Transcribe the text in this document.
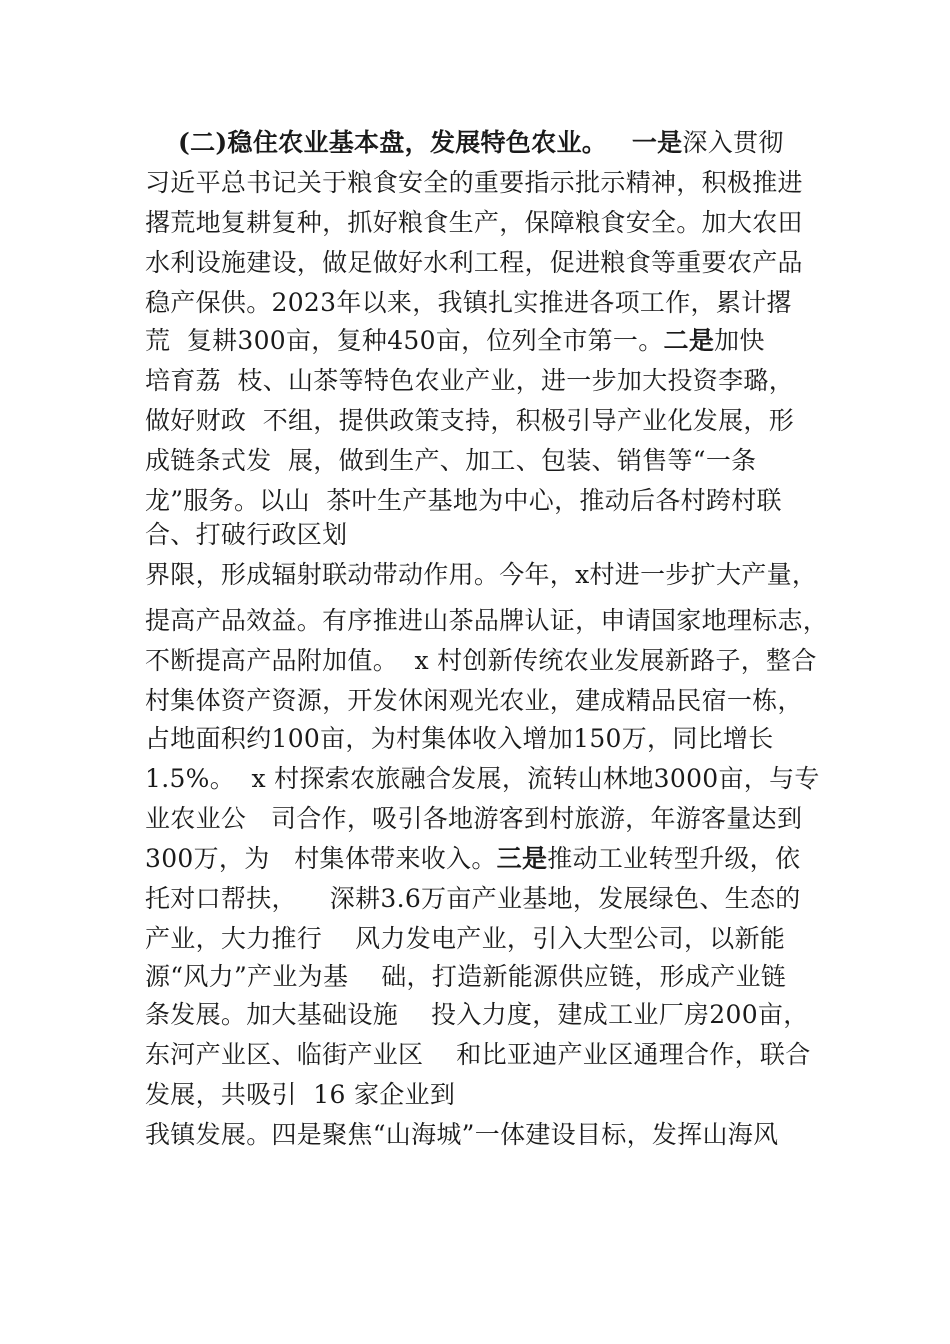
(二)稳住农业基本盘，发展特色农业。 一是深入贯彻
习近平总书记关于粮食安全的重要指示批示精神，积极推进
撂荒地复耕复种，抓好粮食生产，保障粮食安全。加大农田
水利设施建设，做足做好水利工程，促进粮食等重要农产品
稳产保供。2023年以来，我镇扎实推进各项工作，累计撂
荒  复耕300亩，复种450亩，位列全市第一。二是加快
培育荔  枝、山茶等特色农业产业，进一步加大投资李璐，
做好财政  不组，提供政策支持，积极引导产业化发展，形
成链条式发  展，做到生产、加工、包装、销售等“一条
龙”服务。以山  茶叶生产基地为中心，推动后各村跨村联
合、打破行政区划
界限，形成辐射联动带动作用。今年，x村进一步扩大产量，
提高产品效益。有序推进山茶品牌认证，申请国家地理标志，
不断提高产品附加值。  x 村创新传统农业发展新路子，整合
村集体资产资源，开发休闲观光农业，建成精品民宿一栋，
占地面积约100亩，为村集体收入增加150万，同比增长
1.5%。  x 村探索农旅融合发展，流转山林地3000亩，与专
业农业公   司合作，吸引各地游客到村旅游，年游客量达到
300万，为   村集体带来收入。三是推动工业转型升级，依
托对口帮扶，    深耕3.6万亩产业基地，发展绿色、生态的
产业，大力推行    风力发电产业，引入大型公司，以新能
源“风力”产业为基    础，打造新能源供应链，形成产业链
条发展。加大基础设施    投入力度，建成工业厂房200亩，
东河产业区、临街产业区    和比亚迪产业区通理合作，联合
发展，共吸引  16 家企业到
我镇发展。四是聚焦“山海城”一体建设目标，发挥山海风
